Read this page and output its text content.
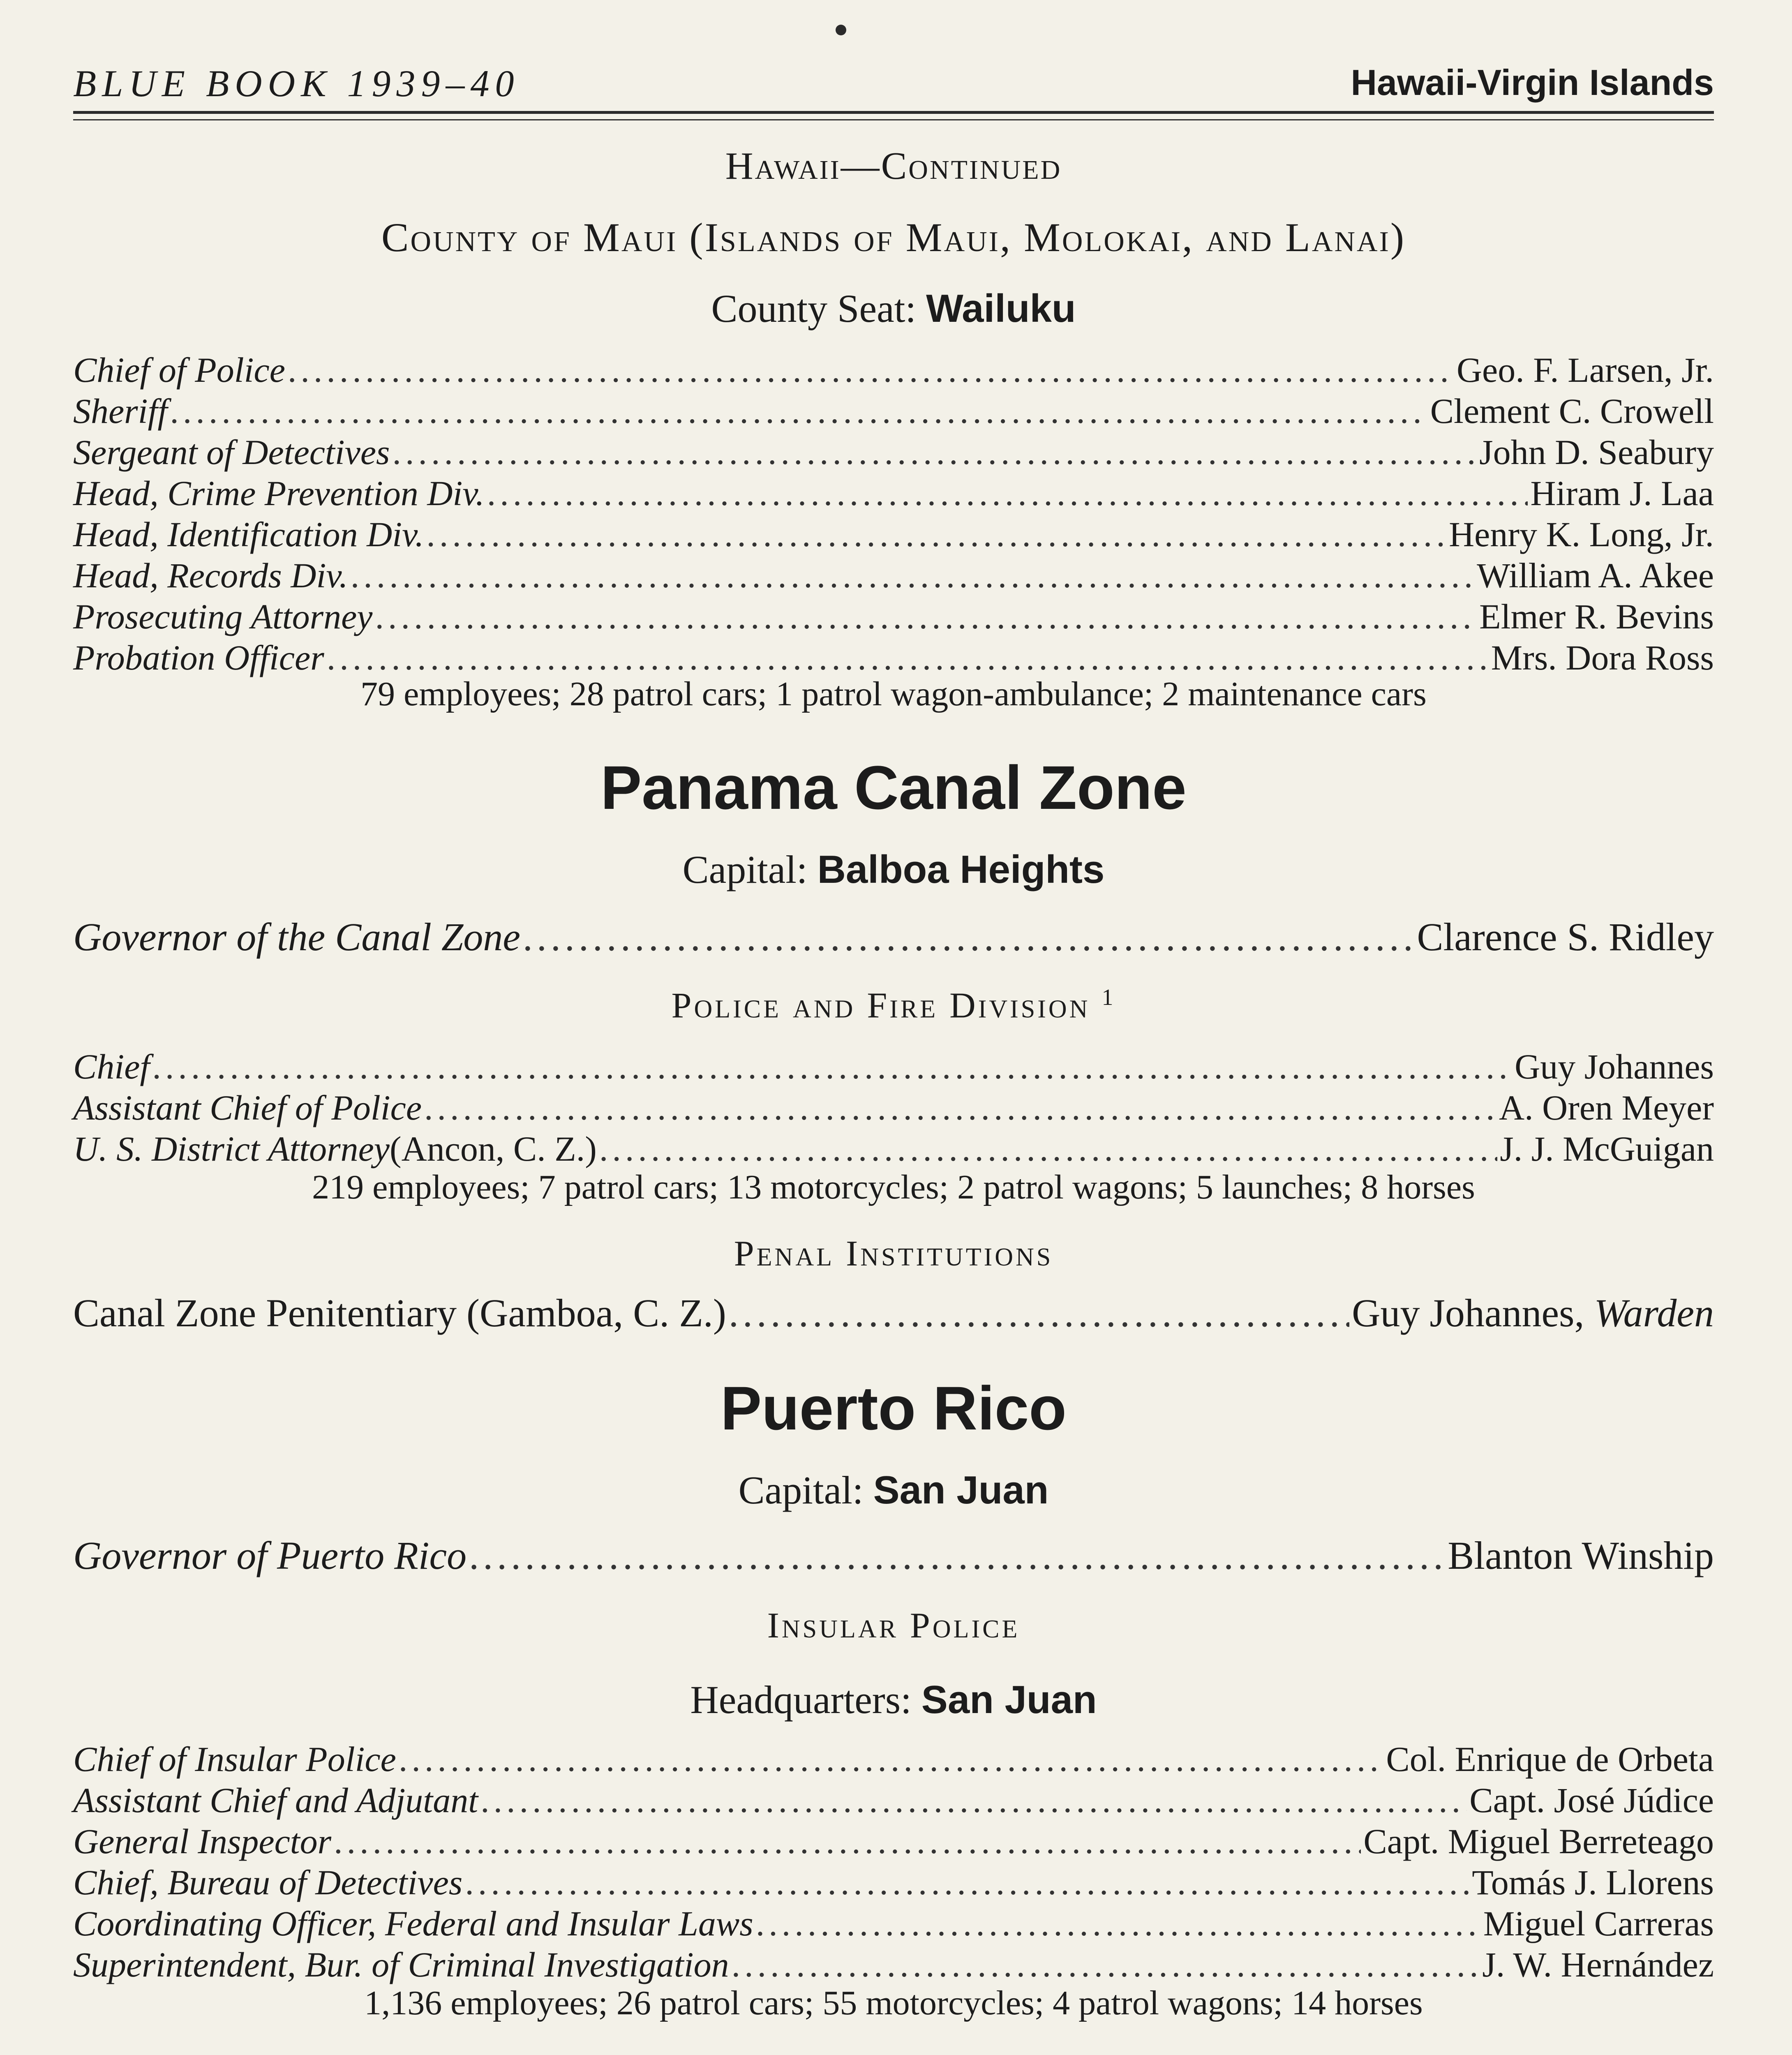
BLUE BOOK 1939–40	Hawaii-Virgin Islands
Hawaii—Continued
County of Maui (Islands of Maui, Molokai, and Lanai)
County Seat: Wailuku
Chief of Police .....	Geo. F. Larsen, Jr.
Sheriff .....	Clement C. Crowell
Sergeant of Detectives .....	John D. Seabury
Head, Crime Prevention Div. .....	Hiram J. Laa
Head, Identification Div. .....	Henry K. Long, Jr.
Head, Records Div. .....	William A. Akee
Prosecuting Attorney .....	Elmer R. Bevins
Probation Officer .....	Mrs. Dora Ross
79 employees; 28 patrol cars; 1 patrol wagon-ambulance; 2 maintenance cars
Panama Canal Zone
Capital: Balboa Heights
Governor of the Canal Zone .....	Clarence S. Ridley
Police and Fire Division $^1$
Chief .....	Guy Johannes
Assistant Chief of Police .....	A. Oren Meyer
U. S. District Attorney (Ancon, C. Z.) .....	J. J. McGuigan
219 employees; 7 patrol cars; 13 motorcycles; 2 patrol wagons; 5 launches; 8 horses
Penal Institutions
Canal Zone Penitentiary (Gamboa, C. Z.) .....	Guy Johannes, Warden
Puerto Rico
Capital: San Juan
Governor of Puerto Rico .....	Blanton Winship
Insular Police
Headquarters: San Juan
Chief of Insular Police .....	Col. Enrique de Orbeta
Assistant Chief and Adjutant .....	Capt. José Júdice
General Inspector .....	Capt. Miguel Berreteago
Chief, Bureau of Detectives .....	Tomás J. Llorens
Coordinating Officer, Federal and Insular Laws .....	Miguel Carreras
Superintendent, Bur. of Criminal Investigation .....	J. W. Hernández
1,136 employees; 26 patrol cars; 55 motorcycles; 4 patrol wagons; 14 horses
